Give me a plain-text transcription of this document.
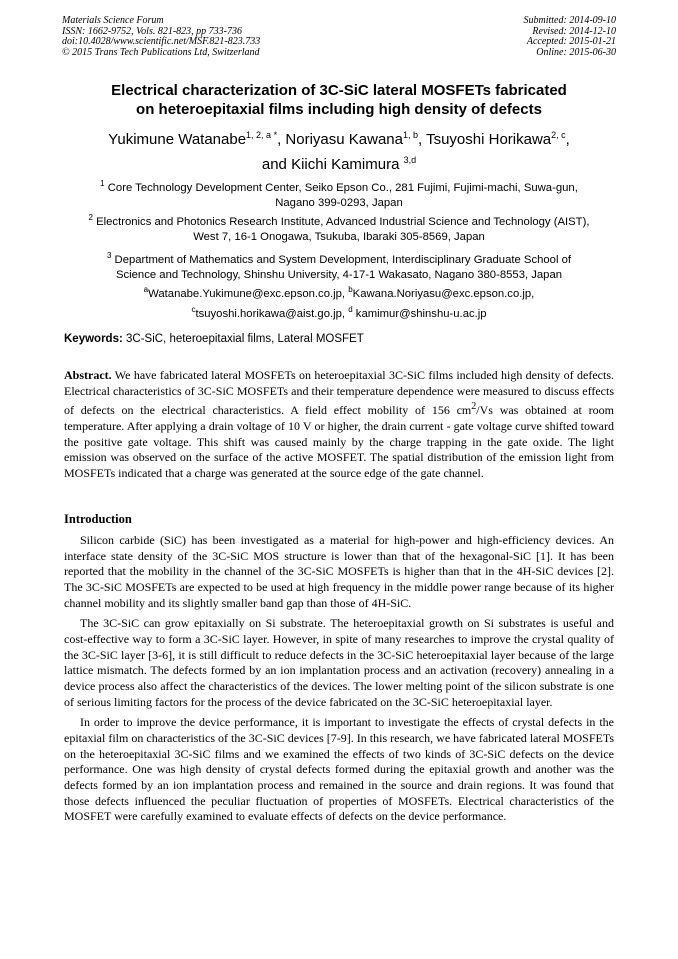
Materials Science Forum
ISSN: 1662-9752, Vols. 821-823, pp 733-736
doi:10.4028/www.scientific.net/MSF.821-823.733
© 2015 Trans Tech Publications Ltd, Switzerland
Submitted: 2014-09-10
Revised: 2014-12-10
Accepted: 2015-01-21
Online: 2015-06-30
Electrical characterization of 3C-SiC lateral MOSFETs fabricated
on heteroepitaxial films including high density of defects
Yukimune Watanabe$^{1, 2, a *}$, Noriyasu Kawana$^{1, b}$, Tsuyoshi Horikawa$^{2, c}$,
and Kiichi Kamimura $^{3,d}$
$^1$ Core Technology Development Center, Seiko Epson Co., 281 Fujimi, Fujimi-machi, Suwa-gun,
Nagano 399-0293, Japan
$^2$ Electronics and Photonics Research Institute, Advanced Industrial Science and Technology (AIST),
West 7, 16-1 Onogawa, Tsukuba, Ibaraki 305-8569, Japan
$^3$ Department of Mathematics and System Development, Interdisciplinary Graduate School of
Science and Technology, Shinshu University, 4-17-1 Wakasato, Nagano 380-8553, Japan
$^a$Watanabe.Yukimune@exc.epson.co.jp, $^b$Kawana.Noriyasu@exc.epson.co.jp,
$^c$tsuyoshi.horikawa@aist.go.jp, $^d$ kamimur@shinshu-u.ac.jp
Keywords: 3C-SiC, heteroepitaxial films, Lateral MOSFET

Abstract. We have fabricated lateral MOSFETs on heteroepitaxial 3C-SiC films included high density of defects. Electrical characteristics of 3C-SiC MOSFETs and their temperature dependence were measured to discuss effects of defects on the electrical characteristics. A field effect mobility of 156 $cm^2/Vs$ was obtained at room temperature. After applying a drain voltage of 10 V or higher, the drain current - gate voltage curve shifted toward the positive gate voltage. This shift was caused mainly by the charge trapping in the gate oxide. The light emission was observed on the surface of the active MOSFET. The spatial distribution of the emission light from MOSFETs indicated that a charge was generated at the source edge of the gate channel.

Introduction

Silicon carbide (SiC) has been investigated as a material for high-power and high-efficiency devices. An interface state density of the 3C-SiC MOS structure is lower than that of the hexagonal-SiC [1]. It has been reported that the mobility in the channel of the 3C-SiC MOSFETs is higher than that in the 4H-SiC devices [2]. The 3C-SiC MOSFETs are expected to be used at high frequency in the middle power range because of its higher channel mobility and its slightly smaller band gap than those of 4H-SiC.

The 3C-SiC can grow epitaxially on Si substrate. The heteroepitaxial growth on Si substrates is useful and cost-effective way to form a 3C-SiC layer. However, in spite of many researches to improve the crystal quality of the 3C-SiC layer [3-6], it is still difficult to reduce defects in the 3C-SiC heteroepitaxial layer because of the large lattice mismatch. The defects formed by an ion implantation process and an activation (recovery) annealing in a device process also affect the characteristics of the devices. The lower melting point of the silicon substrate is one of serious limiting factors for the process of the device fabricated on the 3C-SiC heteroepitaxial layer.

In order to improve the device performance, it is important to investigate the effects of crystal defects in the epitaxial film on characteristics of the 3C-SiC devices [7-9]. In this research, we have fabricated lateral MOSFETs on the heteroepitaxial 3C-SiC films and we examined the effects of two kinds of 3C-SiC defects on the device performance. One was high density of crystal defects formed during the epitaxial growth and another was the defects formed by an ion implantation process and remained in the source and drain regions. It was found that those defects influenced the peculiar fluctuation of properties of MOSFETs. Electrical characteristics of the MOSFET were carefully examined to evaluate effects of defects on the device performance.
